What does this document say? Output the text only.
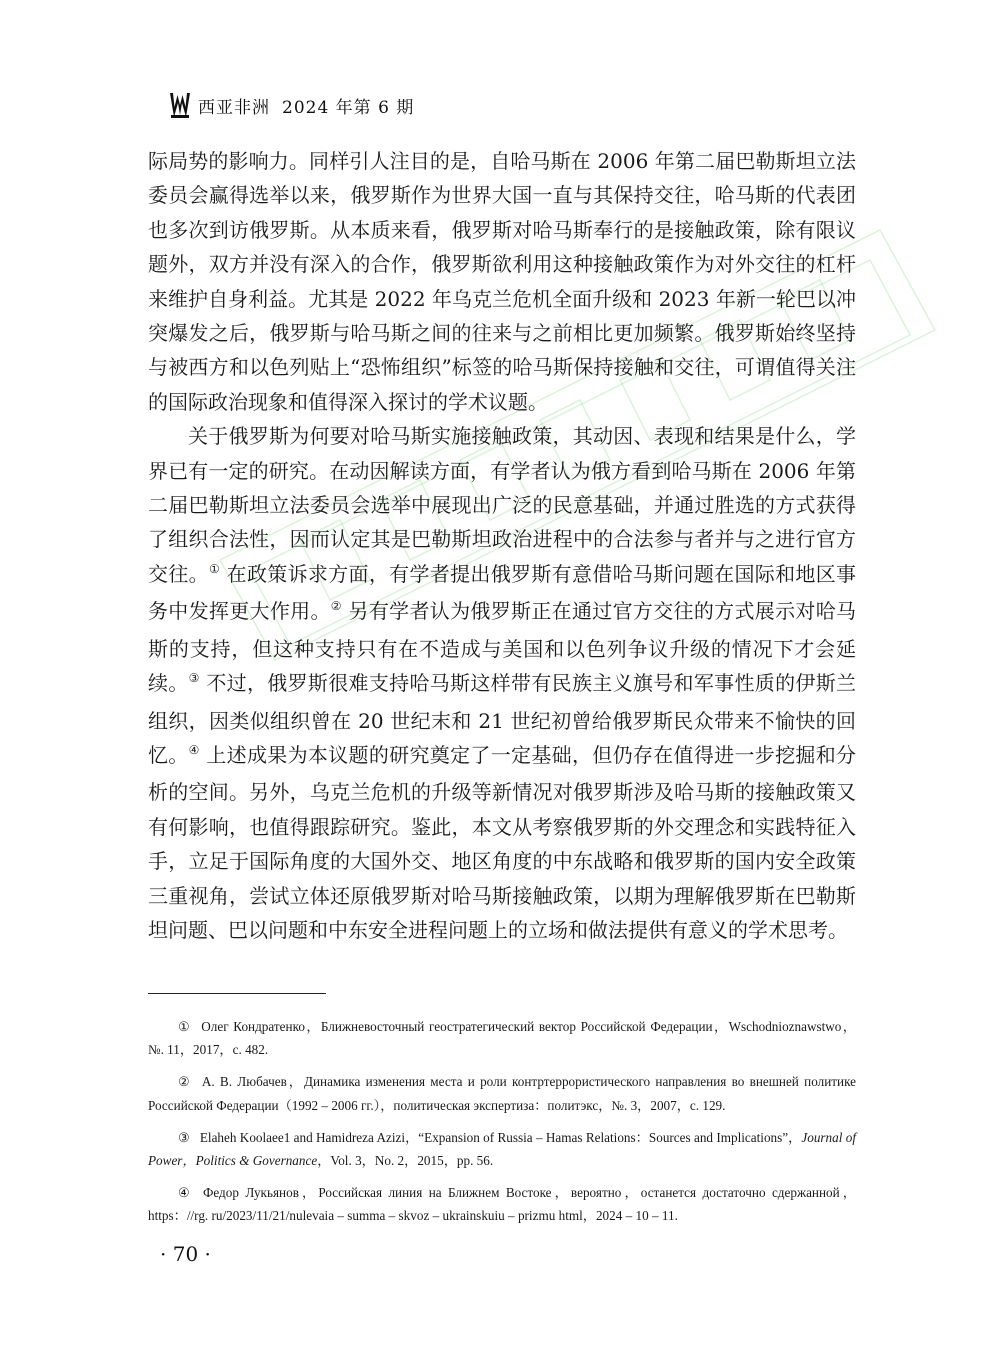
西亚非洲 2024 年第 6 期

际局势的影响力。同样引人注目的是，自哈马斯在 2006 年第二届巴勒斯坦立法委员会赢得选举以来，俄罗斯作为世界大国一直与其保持交往，哈马斯的代表团也多次到访俄罗斯。从本质来看，俄罗斯对哈马斯奉行的是接触政策，除有限议题外，双方并没有深入的合作，俄罗斯欲利用这种接触政策作为对外交往的杠杆来维护自身利益。尤其是 2022 年乌克兰危机全面升级和 2023 年新一轮巴以冲突爆发之后，俄罗斯与哈马斯之间的往来与之前相比更加频繁。俄罗斯始终坚持与被西方和以色列贴上“恐怖组织”标签的哈马斯保持接触和交往，可谓值得关注的国际政治现象和值得深入探讨的学术议题。

关于俄罗斯为何要对哈马斯实施接触政策，其动因、表现和结果是什么，学界已有一定的研究。在动因解读方面，有学者认为俄方看到哈马斯在 2006 年第二届巴勒斯坦立法委员会选举中展现出广泛的民意基础，并通过胜选的方式获得了组织合法性，因而认定其是巴勒斯坦政治进程中的合法参与者并与之进行官方交往。① 在政策诉求方面，有学者提出俄罗斯有意借哈马斯问题在国际和地区事务中发挥更大作用。② 另有学者认为俄罗斯正在通过官方交往的方式展示对哈马斯的支持，但这种支持只有在不造成与美国和以色列争议升级的情况下才会延续。③ 不过，俄罗斯很难支持哈马斯这样带有民族主义旗号和军事性质的伊斯兰组织，因类似组织曾在 20 世纪末和 21 世纪初曾给俄罗斯民众带来不愉快的回忆。④ 上述成果为本议题的研究奠定了一定基础，但仍存在值得进一步挖掘和分析的空间。另外，乌克兰危机的升级等新情况对俄罗斯涉及哈马斯的接触政策又有何影响，也值得跟踪研究。鉴此，本文从考察俄罗斯的外交理念和实践特征入手，立足于国际角度的大国外交、地区角度的中东战略和俄罗斯的国内安全政策三重视角，尝试立体还原俄罗斯对哈马斯接触政策，以期为理解俄罗斯在巴勒斯坦问题、巴以问题和中东安全进程问题上的立场和做法提供有意义的学术思考。

① Олег Кондратенко，Ближневосточный геостратегический вектор Российской Федерации，Wschodnioznawstwo，№. 11，2017，с. 482.

② А. В. Любачев，Динамика изменения места и роли контртеррористического направления во внешней политике Российской Федерации（1992 – 2006 гг.），политическая экспертиза：политэкс，№. 3，2007，с. 129.

③ Elaheh Koolaee1 and Hamidreza Azizi，“Expansion of Russia – Hamas Relations：Sources and Implications”，Journal of Power，Politics & Governance，Vol. 3，No. 2，2015，pp. 56.

④ Федор Лукьянов，Российская линия на Ближнем Востоке，вероятно，останется достаточно сдержанной，https：//rg. ru/2023/11/21/nulevaia – summa – skvoz – ukrainskuiu – prizmu html，2024 – 10 – 11.

· 70 ·
